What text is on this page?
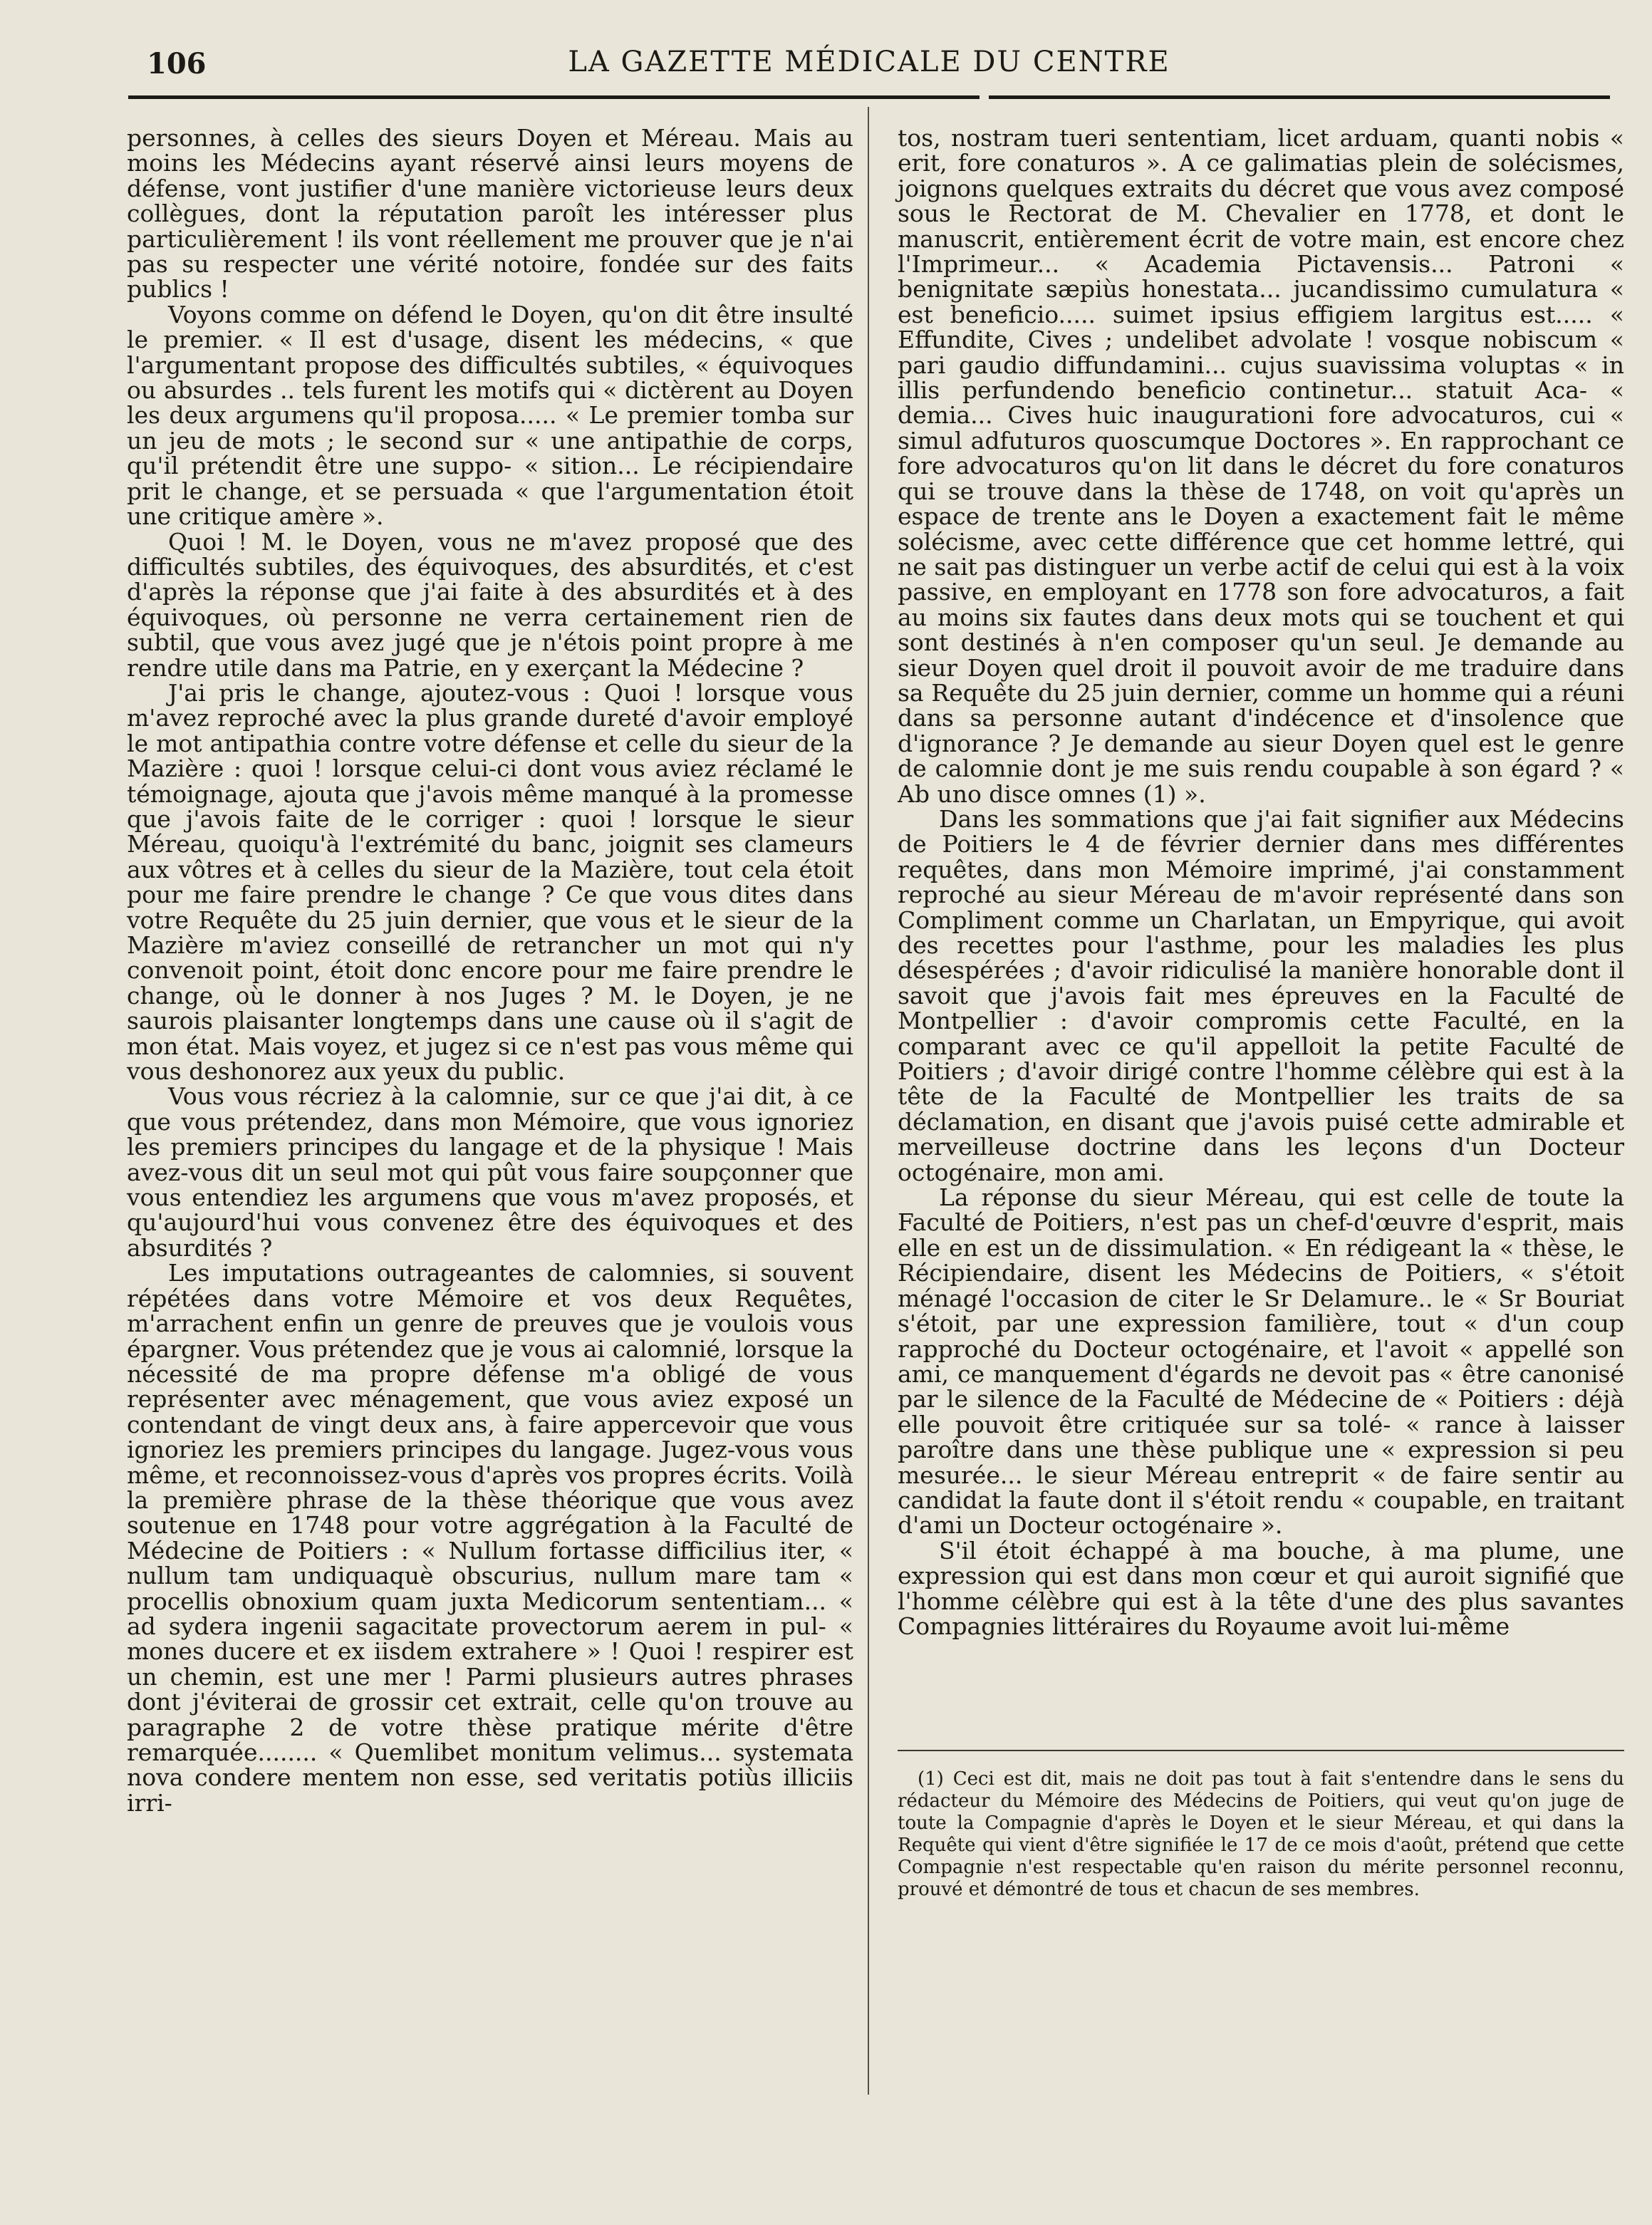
106	LA GAZETTE MÉDICALE DU CENTRE

personnes, à celles des sieurs Doyen et Méreau. Mais au moins les Médecins ayant réservé ainsi leurs moyens de défense, vont justifier d'une manière victorieuse leurs deux collègues, dont la réputation paroît les intéresser plus particulièrement ! ils vont réellement me prouver que je n'ai pas su respecter une vérité notoire, fondée sur des faits publics !

Voyons comme on défend le Doyen, qu'on dit être insulté le premier. « Il est d'usage, disent les médecins, « que l'argumentant propose des difficultés subtiles, « équivoques ou absurdes .. tels furent les motifs qui « dictèrent au Doyen les deux argumens qu'il proposa..... « Le premier tomba sur un jeu de mots ; le second sur « une antipathie de corps, qu'il prétendit être une suppo- « sition... Le récipiendaire prit le change, et se persuada « que l'argumentation étoit une critique amère ».

Quoi ! M. le Doyen, vous ne m'avez proposé que des difficultés subtiles, des équivoques, des absurdités, et c'est d'après la réponse que j'ai faite à des absurdités et à des équivoques, où personne ne verra certainement rien de subtil, que vous avez jugé que je n'étois point propre à me rendre utile dans ma Patrie, en y exerçant la Médecine ?

J'ai pris le change, ajoutez-vous : Quoi ! lorsque vous m'avez reproché avec la plus grande dureté d'avoir employé le mot antipathia contre votre défense et celle du sieur de la Mazière : quoi ! lorsque celui-ci dont vous aviez réclamé le témoignage, ajouta que j'avois même manqué à la promesse que j'avois faite de le corriger : quoi ! lorsque le sieur Méreau, quoiqu'à l'extrémité du banc, joignit ses clameurs aux vôtres et à celles du sieur de la Mazière, tout cela étoit pour me faire prendre le change ? Ce que vous dites dans votre Requête du 25 juin dernier, que vous et le sieur de la Mazière m'aviez conseillé de retrancher un mot qui n'y convenoit point, étoit donc encore pour me faire prendre le change, où le donner à nos Juges ? M. le Doyen, je ne saurois plaisanter longtemps dans une cause où il s'agit de mon état. Mais voyez, et jugez si ce n'est pas vous même qui vous deshonorez aux yeux du public.

Vous vous récriez à la calomnie, sur ce que j'ai dit, à ce que vous prétendez, dans mon Mémoire, que vous ignoriez les premiers principes du langage et de la physique ! Mais avez-vous dit un seul mot qui pût vous faire soupçonner que vous entendiez les argumens que vous m'avez proposés, et qu'aujourd'hui vous convenez être des équivoques et des absurdités ?

Les imputations outrageantes de calomnies, si souvent répétées dans votre Mémoire et vos deux Requêtes, m'arrachent enfin un genre de preuves que je voulois vous épargner. Vous prétendez que je vous ai calomnié, lorsque la nécessité de ma propre défense m'a obligé de vous représenter avec ménagement, que vous aviez exposé un contendant de vingt deux ans, à faire appercevoir que vous ignoriez les premiers principes du langage. Jugez-vous vous même, et reconnoissez-vous d'après vos propres écrits. Voilà la première phrase de la thèse théorique que vous avez soutenue en 1748 pour votre aggrégation à la Faculté de Médecine de Poitiers : « Nullum fortasse difficilius iter, « nullum tam undiquaquè obscurius, nullum mare tam « procellis obnoxium quam juxta Medicorum sententiam... « ad sydera ingenii sagacitate provectorum aerem in pul- « mones ducere et ex iisdem extrahere » ! Quoi ! respirer est un chemin, est une mer ! Parmi plusieurs autres phrases dont j'éviterai de grossir cet extrait, celle qu'on trouve au paragraphe 2 de votre thèse pratique mérite d'être remarquée........ « Quemlibet monitum velimus... systemata nova condere mentem non esse, sed veritatis potiùs illiciis irri-

tos, nostram tueri sententiam, licet arduam, quanti nobis « erit, fore conaturos ». A ce galimatias plein de solécismes, joignons quelques extraits du décret que vous avez composé sous le Rectorat de M. Chevalier en 1778, et dont le manuscrit, entièrement écrit de votre main, est encore chez l'Imprimeur... « Academia Pictavensis... Patroni « benignitate sæpiùs honestata... jucandissimo cumulatura « est beneficio..... suimet ipsius effigiem largitus est..... « Effundite, Cives ; undelibet advolate ! vosque nobiscum « pari gaudio diffundamini... cujus suavissima voluptas « in illis perfundendo beneficio continetur... statuit Aca- « demia... Cives huic inaugurationi fore advocaturos, cui « simul adfuturos quoscumque Doctores ». En rapprochant ce fore advocaturos qu'on lit dans le décret du fore conaturos qui se trouve dans la thèse de 1748, on voit qu'après un espace de trente ans le Doyen a exactement fait le même solécisme, avec cette différence que cet homme lettré, qui ne sait pas distinguer un verbe actif de celui qui est à la voix passive, en employant en 1778 son fore advocaturos, a fait au moins six fautes dans deux mots qui se touchent et qui sont destinés à n'en composer qu'un seul. Je demande au sieur Doyen quel droit il pouvoit avoir de me traduire dans sa Requête du 25 juin dernier, comme un homme qui a réuni dans sa personne autant d'indécence et d'insolence que d'ignorance ? Je demande au sieur Doyen quel est le genre de calomnie dont je me suis rendu coupable à son égard ? « Ab uno disce omnes (1) ».

Dans les sommations que j'ai fait signifier aux Médecins de Poitiers le 4 de février dernier dans mes différentes requêtes, dans mon Mémoire imprimé, j'ai constamment reproché au sieur Méreau de m'avoir représenté dans son Compliment comme un Charlatan, un Empyrique, qui avoit des recettes pour l'asthme, pour les maladies les plus désespérées ; d'avoir ridiculisé la manière honorable dont il savoit que j'avois fait mes épreuves en la Faculté de Montpellier : d'avoir compromis cette Faculté, en la comparant avec ce qu'il appelloit la petite Faculté de Poitiers ; d'avoir dirigé contre l'homme célèbre qui est à la tête de la Faculté de Montpellier les traits de sa déclamation, en disant que j'avois puisé cette admirable et merveilleuse doctrine dans les leçons d'un Docteur octogénaire, mon ami.

La réponse du sieur Méreau, qui est celle de toute la Faculté de Poitiers, n'est pas un chef-d'œuvre d'esprit, mais elle en est un de dissimulation. « En rédigeant la « thèse, le Récipiendaire, disent les Médecins de Poitiers, « s'étoit ménagé l'occasion de citer le Sr Delamure.. le « Sr Bouriat s'étoit, par une expression familière, tout « d'un coup rapproché du Docteur octogénaire, et l'avoit « appellé son ami, ce manquement d'égards ne devoit pas « être canonisé par le silence de la Faculté de Médecine de « Poitiers : déjà elle pouvoit être critiquée sur sa tolé- « rance à laisser paroître dans une thèse publique une « expression si peu mesurée... le sieur Méreau entreprit « de faire sentir au candidat la faute dont il s'étoit rendu « coupable, en traitant d'ami un Docteur octogénaire ».

S'il étoit échappé à ma bouche, à ma plume, une expression qui est dans mon cœur et qui auroit signifié que l'homme célèbre qui est à la tête d'une des plus savantes Compagnies littéraires du Royaume avoit lui-même

(1) Ceci est dit, mais ne doit pas tout à fait s'entendre dans le sens du rédacteur du Mémoire des Médecins de Poitiers, qui veut qu'on juge de toute la Compagnie d'après le Doyen et le sieur Méreau, et qui dans la Requête qui vient d'être signifiée le 17 de ce mois d'août, prétend que cette Compagnie n'est respectable qu'en raison du mérite personnel reconnu, prouvé et démontré de tous et chacun de ses membres.
